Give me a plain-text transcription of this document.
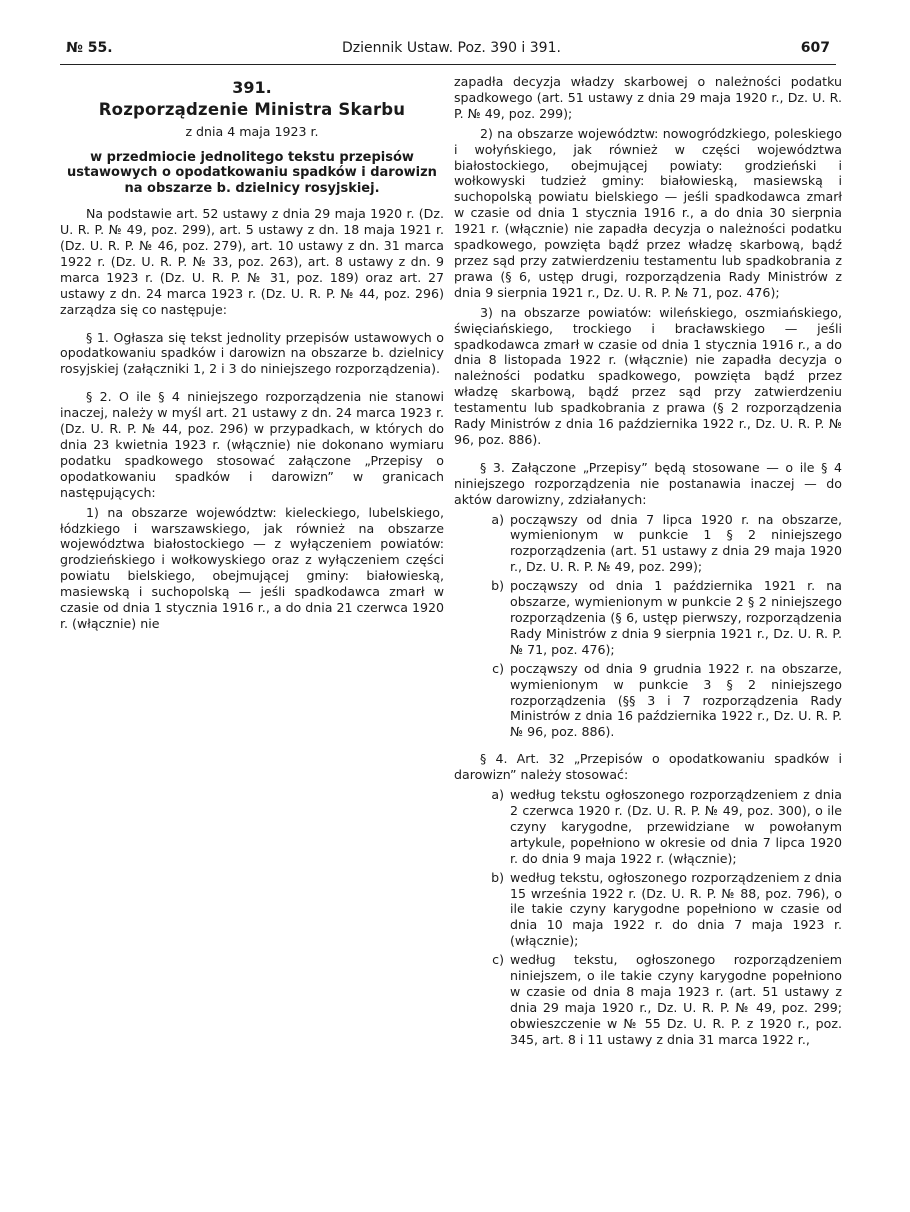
№ 55.	Dziennik Ustaw. Poz. 390 i 391.	607
391.
Rozporządzenie Ministra Skarbu
z dnia 4 maja 1923 r.
w przedmiocie jednolitego tekstu przepisów ustawowych o opodatkowaniu spadków i darowizn na obszarze b. dzielnicy rosyjskiej.

Na podstawie art. 52 ustawy z dnia 29 maja 1920 r. (Dz. U. R. P. № 49, poz. 299), art. 5 ustawy z dn. 18 maja 1921 r. (Dz. U. R. P. № 46, poz. 279), art. 10 ustawy z dn. 31 marca 1922 r. (Dz. U. R. P. № 33, poz. 263), art. 8 ustawy z dn. 9 marca 1923 r. (Dz. U. R. P. № 31, poz. 189) oraz art. 27 ustawy z dn. 24 marca 1923 r. (Dz. U. R. P. № 44, poz. 296) zarządza się co następuje:

§ 1. Ogłasza się tekst jednolity przepisów ustawowych o opodatkowaniu spadków i darowizn na obszarze b. dzielnicy rosyjskiej (załączniki 1, 2 i 3 do niniejszego rozporządzenia).

§ 2. O ile § 4 niniejszego rozporządzenia nie stanowi inaczej, należy w myśl art. 21 ustawy z dn. 24 marca 1923 r. (Dz. U. R. P. № 44, poz. 296) w przypadkach, w których do dnia 23 kwietnia 1923 r. (włącznie) nie dokonano wymiaru podatku spadkowego stosować załączone „Przepisy o opodatkowaniu spadków i darowizn” w granicach następujących:

1) na obszarze województw: kieleckiego, lubelskiego, łódzkiego i warszawskiego, jak również na obszarze województwa białostockiego — z wyłączeniem powiatów: grodzieńskiego i wołkowyskiego oraz z wyłączeniem części powiatu bielskiego, obejmującej gminy: białowieską, masiewską i suchopolską — jeśli spadkodawca zmarł w czasie od dnia 1 stycznia 1916 r., a do dnia 21 czerwca 1920 r. (włącznie) nie

zapadła decyzja władzy skarbowej o należności podatku spadkowego (art. 51 ustawy z dnia 29 maja 1920 r., Dz. U. R. P. № 49, poz. 299);

2) na obszarze województw: nowogródzkiego, poleskiego i wołyńskiego, jak również w części województwa białostockiego, obejmującej powiaty: grodzieński i wołkowyski tudzież gminy: białowieską, masiewską i suchopolską powiatu bielskiego — jeśli spadkodawca zmarł w czasie od dnia 1 stycznia 1916 r., a do dnia 30 sierpnia 1921 r. (włącznie) nie zapadła decyzja o należności podatku spadkowego, powzięta bądź przez władzę skarbową, bądź przez sąd przy zatwierdzeniu testamentu lub spadkobrania z prawa (§ 6, ustęp drugi, rozporządzenia Rady Ministrów z dnia 9 sierpnia 1921 r., Dz. U. R. P. № 71, poz. 476);

3) na obszarze powiatów: wileńskiego, oszmiańskiego, święciańskiego, trockiego i bracławskiego — jeśli spadkodawca zmarł w czasie od dnia 1 stycznia 1916 r., a do dnia 8 listopada 1922 r. (włącznie) nie zapadła decyzja o należności podatku spadkowego, powzięta bądź przez władzę skarbową, bądź przez sąd przy zatwierdzeniu testamentu lub spadkobrania z prawa (§ 2 rozporządzenia Rady Ministrów z dnia 16 października 1922 r., Dz. U. R. P. № 96, poz. 886).

§ 3. Załączone „Przepisy” będą stosowane — o ile § 4 niniejszego rozporządzenia nie postanawia inaczej — do aktów darowizny, zdziałanych:

a) począwszy od dnia 7 lipca 1920 r. na obszarze, wymienionym w punkcie 1 § 2 niniejszego rozporządzenia (art. 51 ustawy z dnia 29 maja 1920 r., Dz. U. R. P. № 49, poz. 299);
b) począwszy od dnia 1 października 1921 r. na obszarze, wymienionym w punkcie 2 § 2 niniejszego rozporządzenia (§ 6, ustęp pierwszy, rozporządzenia Rady Ministrów z dnia 9 sierpnia 1921 r., Dz. U. R. P. № 71, poz. 476);
c) począwszy od dnia 9 grudnia 1922 r. na obszarze, wymienionym w punkcie 3 § 2 niniejszego rozporządzenia (§§ 3 i 7 rozporządzenia Rady Ministrów z dnia 16 października 1922 r., Dz. U. R. P. № 96, poz. 886).

§ 4. Art. 32 „Przepisów o opodatkowaniu spadków i darowizn” należy stosować:

a) według tekstu ogłoszonego rozporządzeniem z dnia 2 czerwca 1920 r. (Dz. U. R. P. № 49, poz. 300), o ile czyny karygodne, przewidziane w powołanym artykule, popełniono w okresie od dnia 7 lipca 1920 r. do dnia 9 maja 1922 r. (włącznie);
b) według tekstu, ogłoszonego rozporządzeniem z dnia 15 września 1922 r. (Dz. U. R. P. № 88, poz. 796), o ile takie czyny karygodne popełniono w czasie od dnia 10 maja 1922 r. do dnia 7 maja 1923 r. (włącznie);
c) według tekstu, ogłoszonego rozporządzeniem niniejszem, o ile takie czyny karygodne popełniono w czasie od dnia 8 maja 1923 r. (art. 51 ustawy z dnia 29 maja 1920 r., Dz. U. R. P. № 49, poz. 299; obwieszczenie w № 55 Dz. U. R. P. z 1920 r., poz. 345, art. 8 i 11 ustawy z dnia 31 marca 1922 r.,
